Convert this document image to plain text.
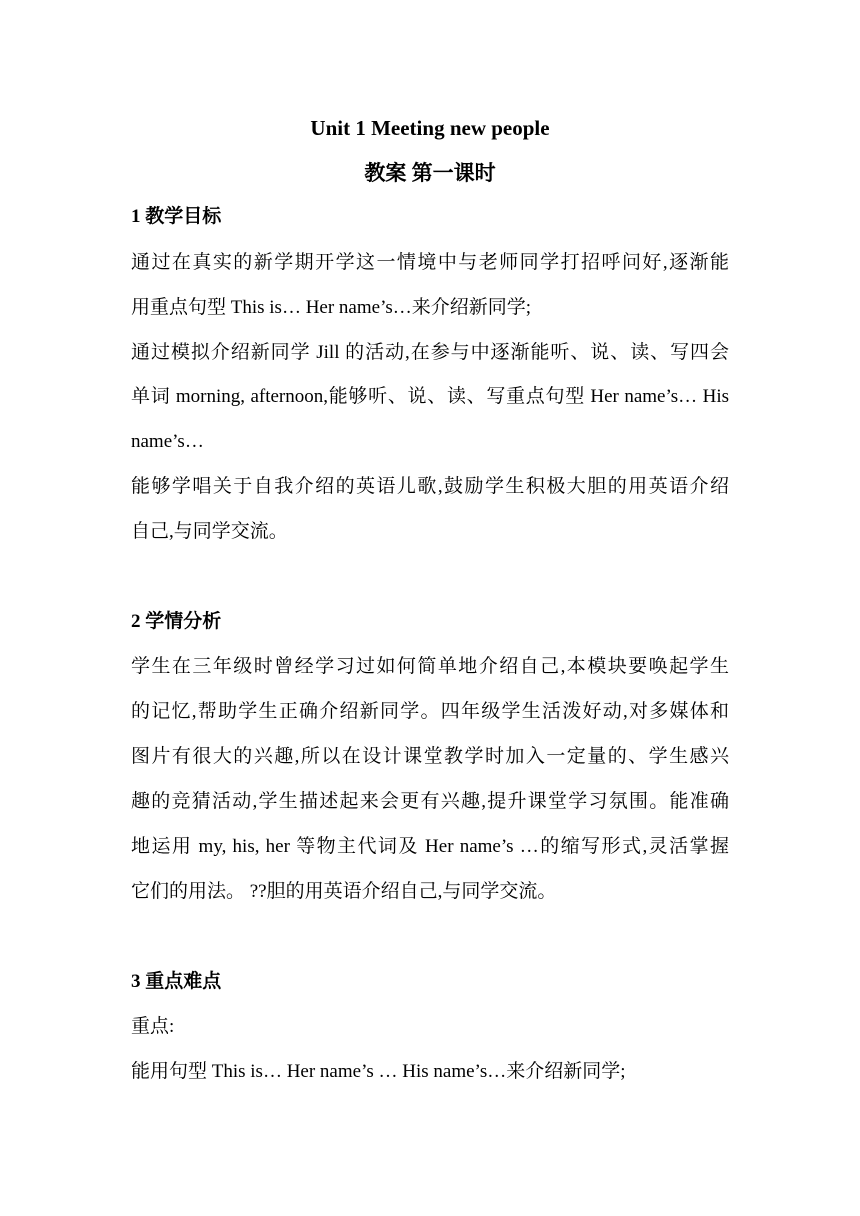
Unit 1 Meeting new people
教案 第一课时
1 教学目标
通过在真实的新学期开学这一情境中与老师同学打招呼问好,逐渐能
用重点句型 This is… Her name’s…来介绍新同学;
通过模拟介绍新同学 Jill 的活动,在参与中逐渐能听、说、读、写四会
单词 morning, afternoon,能够听、说、读、写重点句型 Her name’s… His
name’s…
能够学唱关于自我介绍的英语儿歌,鼓励学生积极大胆的用英语介绍
自己,与同学交流。
2 学情分析
学生在三年级时曾经学习过如何简单地介绍自己,本模块要唤起学生
的记忆,帮助学生正确介绍新同学。四年级学生活泼好动,对多媒体和
图片有很大的兴趣,所以在设计课堂教学时加入一定量的、学生感兴
趣的竞猜活动,学生描述起来会更有兴趣,提升课堂学习氛围。能准确
地运用 my, his, her 等物主代词及 Her name’s …的缩写形式,灵活掌握
它们的用法。 ??胆的用英语介绍自己,与同学交流。
3 重点难点
重点:
能用句型 This is… Her name’s … His name’s…来介绍新同学;
